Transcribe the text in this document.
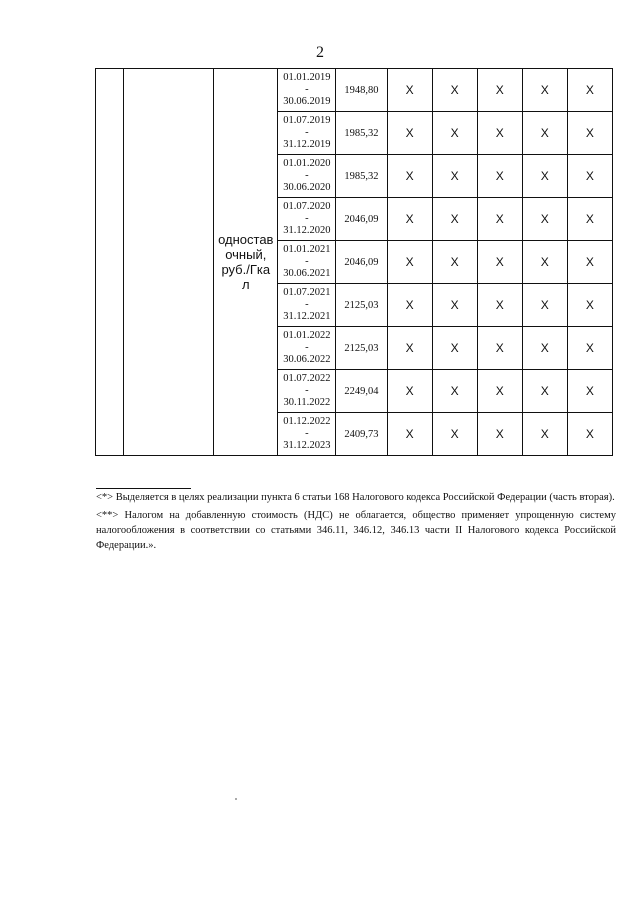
2

		одностав
очный,
руб./Гка
л	01.01.2019
-
30.06.2019	1948,80	X	X	X	X	X

			01.07.2019
-
31.12.2019	1985,32	X	X	X	X	X

			01.01.2020
-
30.06.2020	1985,32	X	X	X	X	X

			01.07.2020
-
31.12.2020	2046,09	X	X	X	X	X

			01.01.2021
-
30.06.2021	2046,09	X	X	X	X	X

			01.07.2021
-
31.12.2021	2125,03	X	X	X	X	X

			01.01.2022
-
30.06.2022	2125,03	X	X	X	X	X

			01.07.2022
-
30.11.2022	2249,04	X	X	X	X	X

			01.12.2022
-
31.12.2023	2409,73	X	X	X	X	X

<*> Выделяется в целях реализации пункта 6 статьи 168 Налогового кодекса Российской Федерации (часть вторая).

<**> Налогом на добавленную стоимость (НДС) не облагается, общество применяет упрощенную систему налогообложения в соответствии со статьями 346.11, 346.12, 346.13 части II Налогового кодекса Российской Федерации.».
